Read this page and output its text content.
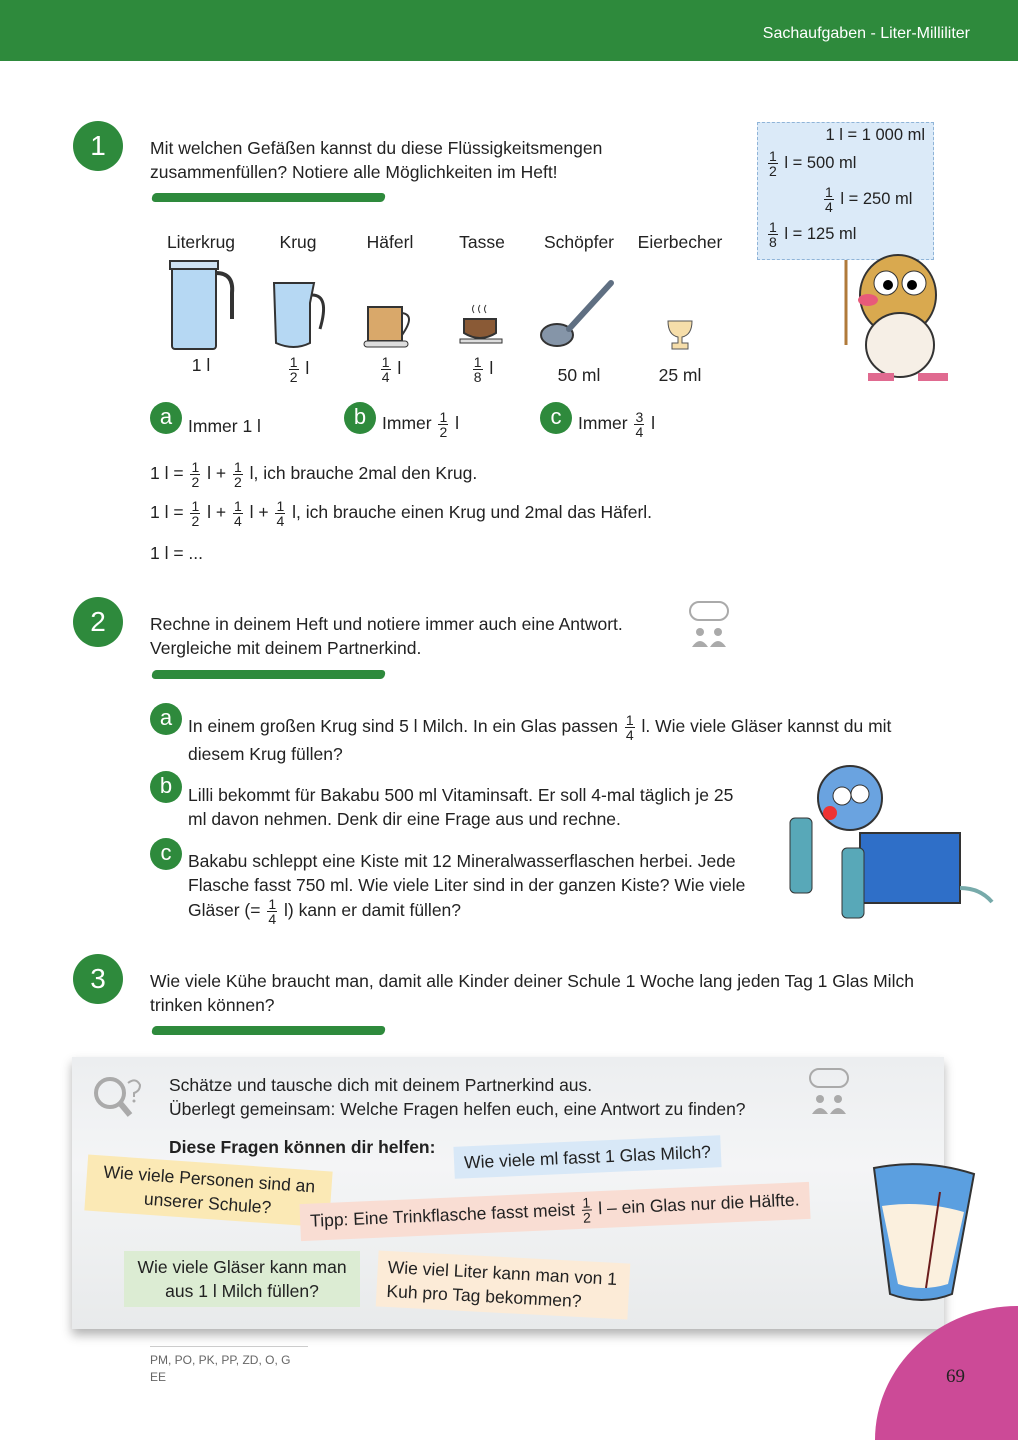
Sachaufgaben - Liter-Milliliter
1	Mit welchen Gefäßen kannst du diese Flüssigkeitsmengen zusammenfüllen? Notiere alle Möglichkeiten im Heft!
Literkrug
1 l
Krug
$\frac{1}{2}$ l
Häferl
$\frac{1}{4}$ l
Tasse
$\frac{1}{8}$ l
Schöpfer
50 ml
Eierbecher
25 ml
a Immer 1 l	b Immer $\frac{1}{2}$ l	c Immer $\frac{3}{4}$ l
1 $l = \frac{1}{2}$ $l + \frac{1}{2} l$, ich brauche 2mal den Krug.
1 $l = \frac{1}{2}$ $l + \frac{1}{4}$ $l + \frac{1}{4} l$, ich brauche einen Krug und 2mal das Häferl.
1 l = ...
1 l = 1 000 ml
$\frac{1}{2}$ l = 500 ml
$\frac{1}{4}$ l = 250 ml
$\frac{1}{8}$ l = 125 ml
2	Rechne in deinem Heft und notiere immer auch eine Antwort. Vergleiche mit deinem Partnerkind.
a In einem großen Krug sind 5 l Milch. In ein Glas passen $\frac{1}{4} l$. Wie viele Gläser kannst du mit diesem Krug füllen?
b Lilli bekommt für Bakabu 500 ml Vitaminsaft. Er soll 4-mal täglich je 25 ml davon nehmen. Denk dir eine Frage aus und rechne.
c Bakabu schleppt eine Kiste mit 12 Mineralwasserflaschen herbei. Jede Flasche fasst 750 ml. Wie viele Liter sind in der ganzen Kiste? Wie viele Gläser (= $\frac{1}{4} l$) kann er damit füllen?
3	Wie viele Kühe braucht man, damit alle Kinder deiner Schule 1 Woche lang jeden Tag 1 Glas Milch trinken können?
Schätze und tausche dich mit deinem Partnerkind aus.
Überlegt gemeinsam: Welche Fragen helfen euch, eine Antwort zu finden?
Diese Fragen können dir helfen:	Wie viele ml fasst 1 Glas Milch?
Wie viele Personen sind an unserer Schule?	Tipp: Eine Trinkflasche fasst meist $\frac{1}{2}$ l – ein Glas nur die Hälfte.
Wie viele Gläser kann man aus 1 l Milch füllen?
Wie viel Liter kann man von 1 Kuh pro Tag bekommen?
PM, PO, PK, PP, ZD, O, G
EE	69
